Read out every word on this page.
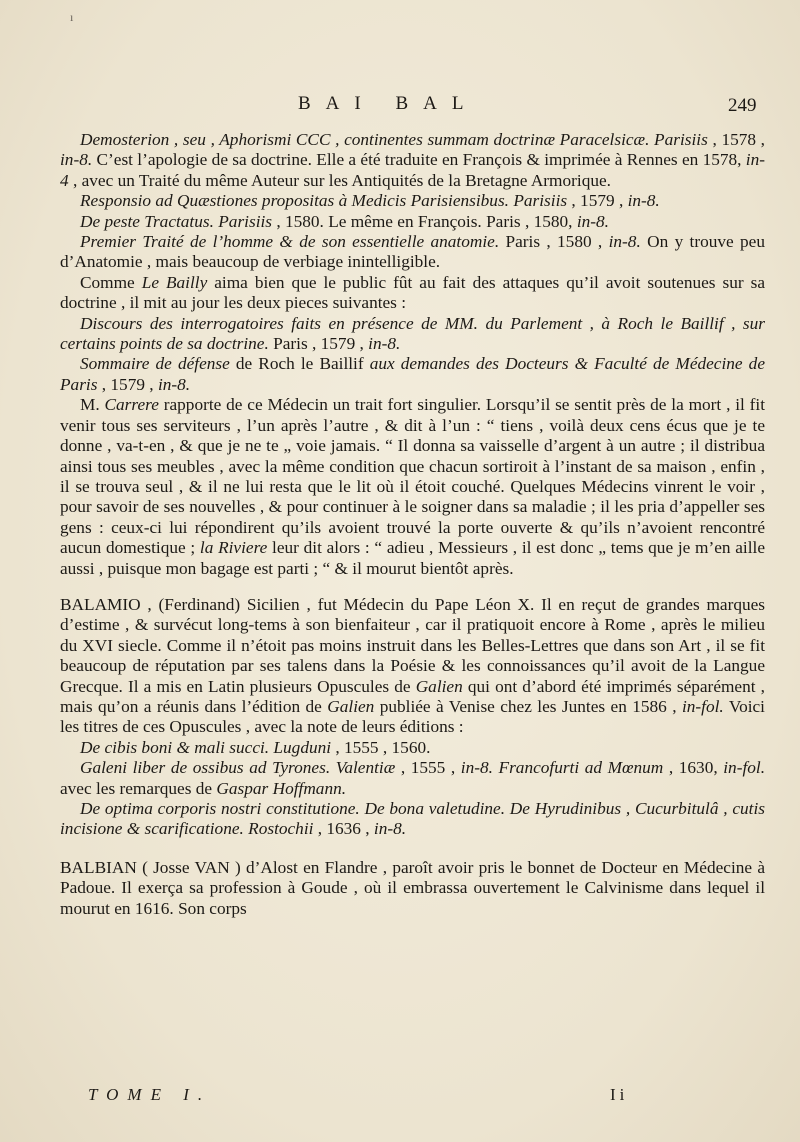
ı
BAI BAL	249

Demosterion , seu , Aphorismi CCC , continentes summam doctrinæ Paracelsicæ. Parisiis , 1578 , in-8. C’est l’apologie de sa doctrine. Elle a été traduite en François & imprimée à Rennes en 1578, in-4 , avec un Traité du même Auteur sur les Antiquités de la Bretagne Armorique.

Responsio ad Quæstiones propositas à Medicis Parisiensibus. Parisiis , 1579 , in-8.

De peste Tractatus. Parisiis , 1580. Le même en François. Paris , 1580, in-8.

Premier Traité de l’homme & de son essentielle anatomie. Paris , 1580 , in-8. On y trouve peu d’Anatomie , mais beaucoup de verbiage inintelligible.

Comme Le Bailly aima bien que le public fût au fait des attaques qu’il avoit soutenues sur sa doctrine , il mit au jour les deux pieces suivantes :

Discours des interrogatoires faits en présence de MM. du Parlement , à Roch le Baillif , sur certains points de sa doctrine. Paris , 1579 , in-8.

Sommaire de défense de Roch le Baillif aux demandes des Docteurs & Faculté de Médecine de Paris , 1579 , in-8.

M. Carrere rapporte de ce Médecin un trait fort singulier. Lorsqu’il se sentit près de la mort , il fit venir tous ses serviteurs , l’un après l’autre , & dit à l’un : “ tiens , voilà deux cens écus que je te donne , va-t-en , & que je ne te „ voie jamais. “ Il donna sa vaisselle d’argent à un autre ; il distribua ainsi tous ses meubles , avec la même condition que chacun sortiroit à l’instant de sa maison , enfin , il se trouva seul , & il ne lui resta que le lit où il étoit couché. Quelques Médecins vinrent le voir , pour savoir de ses nouvelles , & pour continuer à le soigner dans sa maladie ; il les pria d’appeller ses gens : ceux-ci lui répondirent qu’ils avoient trouvé la porte ouverte & qu’ils n’avoient rencontré aucun domestique ; la Riviere leur dit alors : “ adieu , Messieurs , il est donc „ tems que je m’en aille aussi , puisque mon bagage est parti ; “ & il mourut bientôt après.

BALAMIO , (Ferdinand) Sicilien , fut Médecin du Pape Léon X. Il en reçut de grandes marques d’estime , & survécut long-tems à son bienfaiteur , car il pratiquoit encore à Rome , après le milieu du XVI siecle. Comme il n’étoit pas moins instruit dans les Belles-Lettres que dans son Art , il se fit beaucoup de réputation par ses talens dans la Poésie & les connoissances qu’il avoit de la Langue Grecque. Il a mis en Latin plusieurs Opuscules de Galien qui ont d’abord été imprimés séparément , mais qu’on a réunis dans l’édition de Galien publiée à Venise chez les Juntes en 1586 , in-fol. Voici les titres de ces Opuscules , avec la note de leurs éditions :

De cibis boni & mali succi. Lugduni , 1555 , 1560.

Galeni liber de ossibus ad Tyrones. Valentiæ , 1555 , in-8. Francofurti ad Mœnum , 1630, in-fol. avec les remarques de Gaspar Hoffmann.

De optima corporis nostri constitutione. De bona valetudine. De Hyrudinibus , Cucurbitulâ , cutis incisione & scarificatione. Rostochii , 1636 , in-8.

BALBIAN ( Josse VAN ) d’Alost en Flandre , paroît avoir pris le bonnet de Docteur en Médecine à Padoue. Il exerça sa profession à Goude , où il embrassa ouvertement le Calvinisme dans lequel il mourut en 1616. Son corps

TOME I.	Ii
